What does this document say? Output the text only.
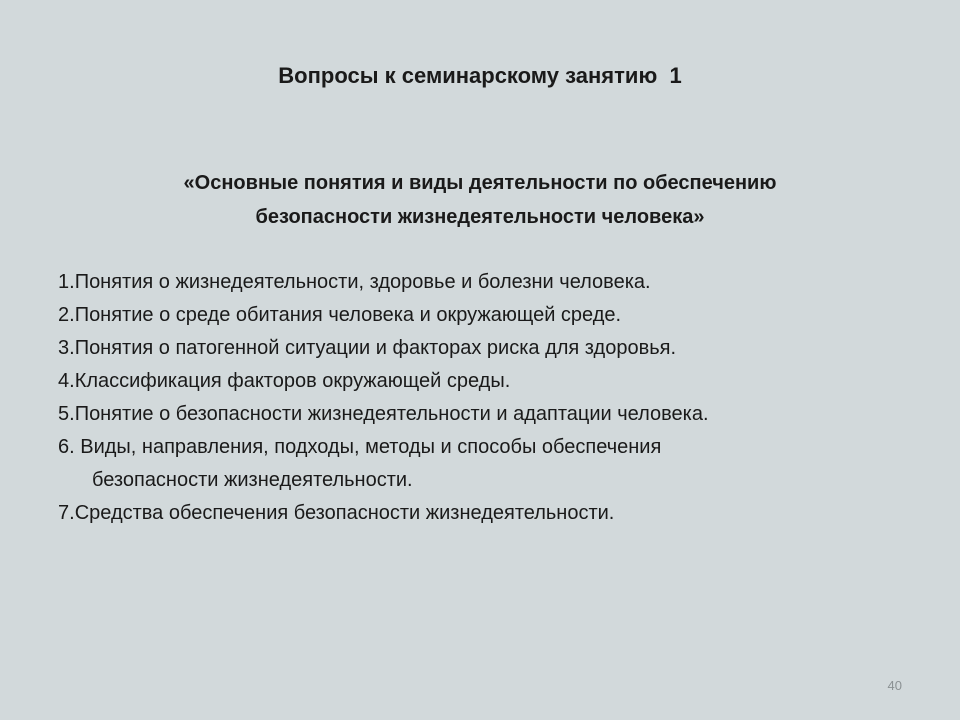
Вопросы к семинарскому занятию  1
«Основные понятия и виды деятельности по обеспечению
безопасности жизнедеятельности человека»
1. Понятия о жизнедеятельности, здоровье и болезни человека.
2. Понятие о среде обитания человека и окружающей среде.
3. Понятия о патогенной ситуации и факторах риска для здоровья.
4. Классификация факторов окружающей среды.
5. Понятие о безопасности жизнедеятельности и адаптации человека.
6. Виды, направления, подходы, методы и способы обеспечения
безопасности жизнедеятельности.
7. Средства обеспечения безопасности жизнедеятельности.
40
